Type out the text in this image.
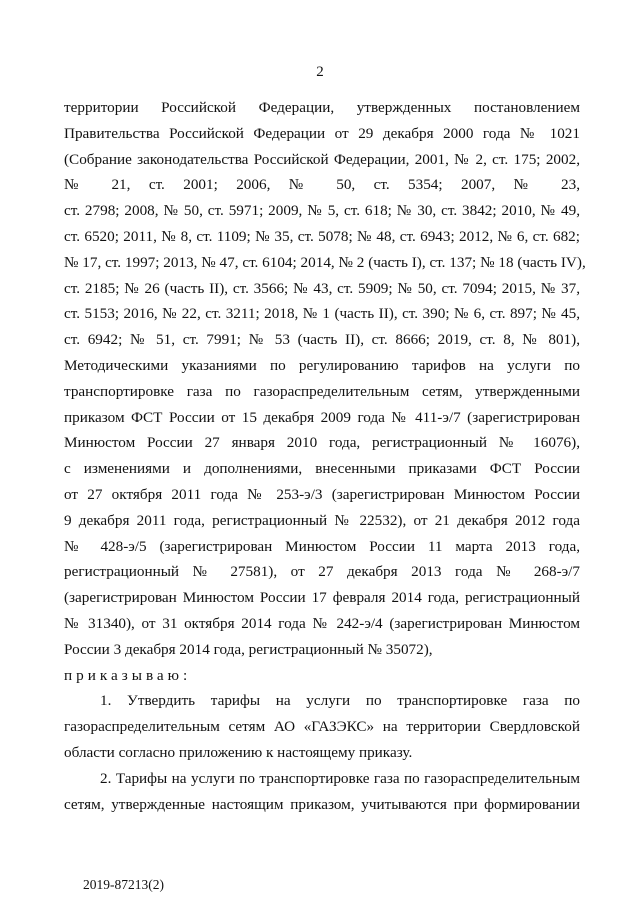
2
территории Российской Федерации, утвержденных постановлением
Правительства Российской Федерации от 29 декабря 2000 года № 1021
(Собрание законодательства Российской Федерации, 2001, № 2, ст. 175; 2002,
№ 21, ст. 2001; 2006, № 50, ст. 5354; 2007, № 23,
ст. 2798; 2008, № 50, ст. 5971; 2009, № 5, ст. 618; № 30, ст. 3842; 2010, № 49,
ст. 6520; 2011, № 8, ст. 1109; № 35, ст. 5078; № 48, ст. 6943; 2012, № 6, ст. 682;
№ 17, ст. 1997; 2013, № 47, ст. 6104; 2014, № 2 (часть I), ст. 137; № 18 (часть IV),
ст. 2185; № 26 (часть II), ст. 3566; № 43, ст. 5909; № 50, ст. 7094; 2015, № 37,
ст. 5153; 2016, № 22, ст. 3211; 2018, № 1 (часть II), ст. 390; № 6, ст. 897; № 45,
ст. 6942; № 51, ст. 7991; № 53 (часть II), ст. 8666; 2019, ст. 8, № 801),
Методическими указаниями по регулированию тарифов на услуги по
транспортировке газа по газораспределительным сетям, утвержденными
приказом ФСТ России от 15 декабря 2009 года № 411-э/7 (зарегистрирован
Минюстом России 27 января 2010 года, регистрационный № 16076),
с изменениями и дополнениями, внесенными приказами ФСТ России
от 27 октября 2011 года № 253-э/3 (зарегистрирован Минюстом России
9 декабря 2011 года, регистрационный № 22532), от 21 декабря 2012 года
№ 428-э/5 (зарегистрирован Минюстом России 11 марта 2013 года,
регистрационный № 27581), от 27 декабря 2013 года № 268-э/7
(зарегистрирован Минюстом России 17 февраля 2014 года, регистрационный
№ 31340), от 31 октября 2014 года № 242-э/4 (зарегистрирован Минюстом
России 3 декабря 2014 года, регистрационный № 35072),
приказываю:
1. Утвердить тарифы на услуги по транспортировке газа по
газораспределительным сетям АО «ГАЗЭКС» на территории Свердловской
области согласно приложению к настоящему приказу.
2. Тарифы на услуги по транспортировке газа по газораспределительным
сетям, утвержденные настоящим приказом, учитываются при формировании
2019-87213(2)
